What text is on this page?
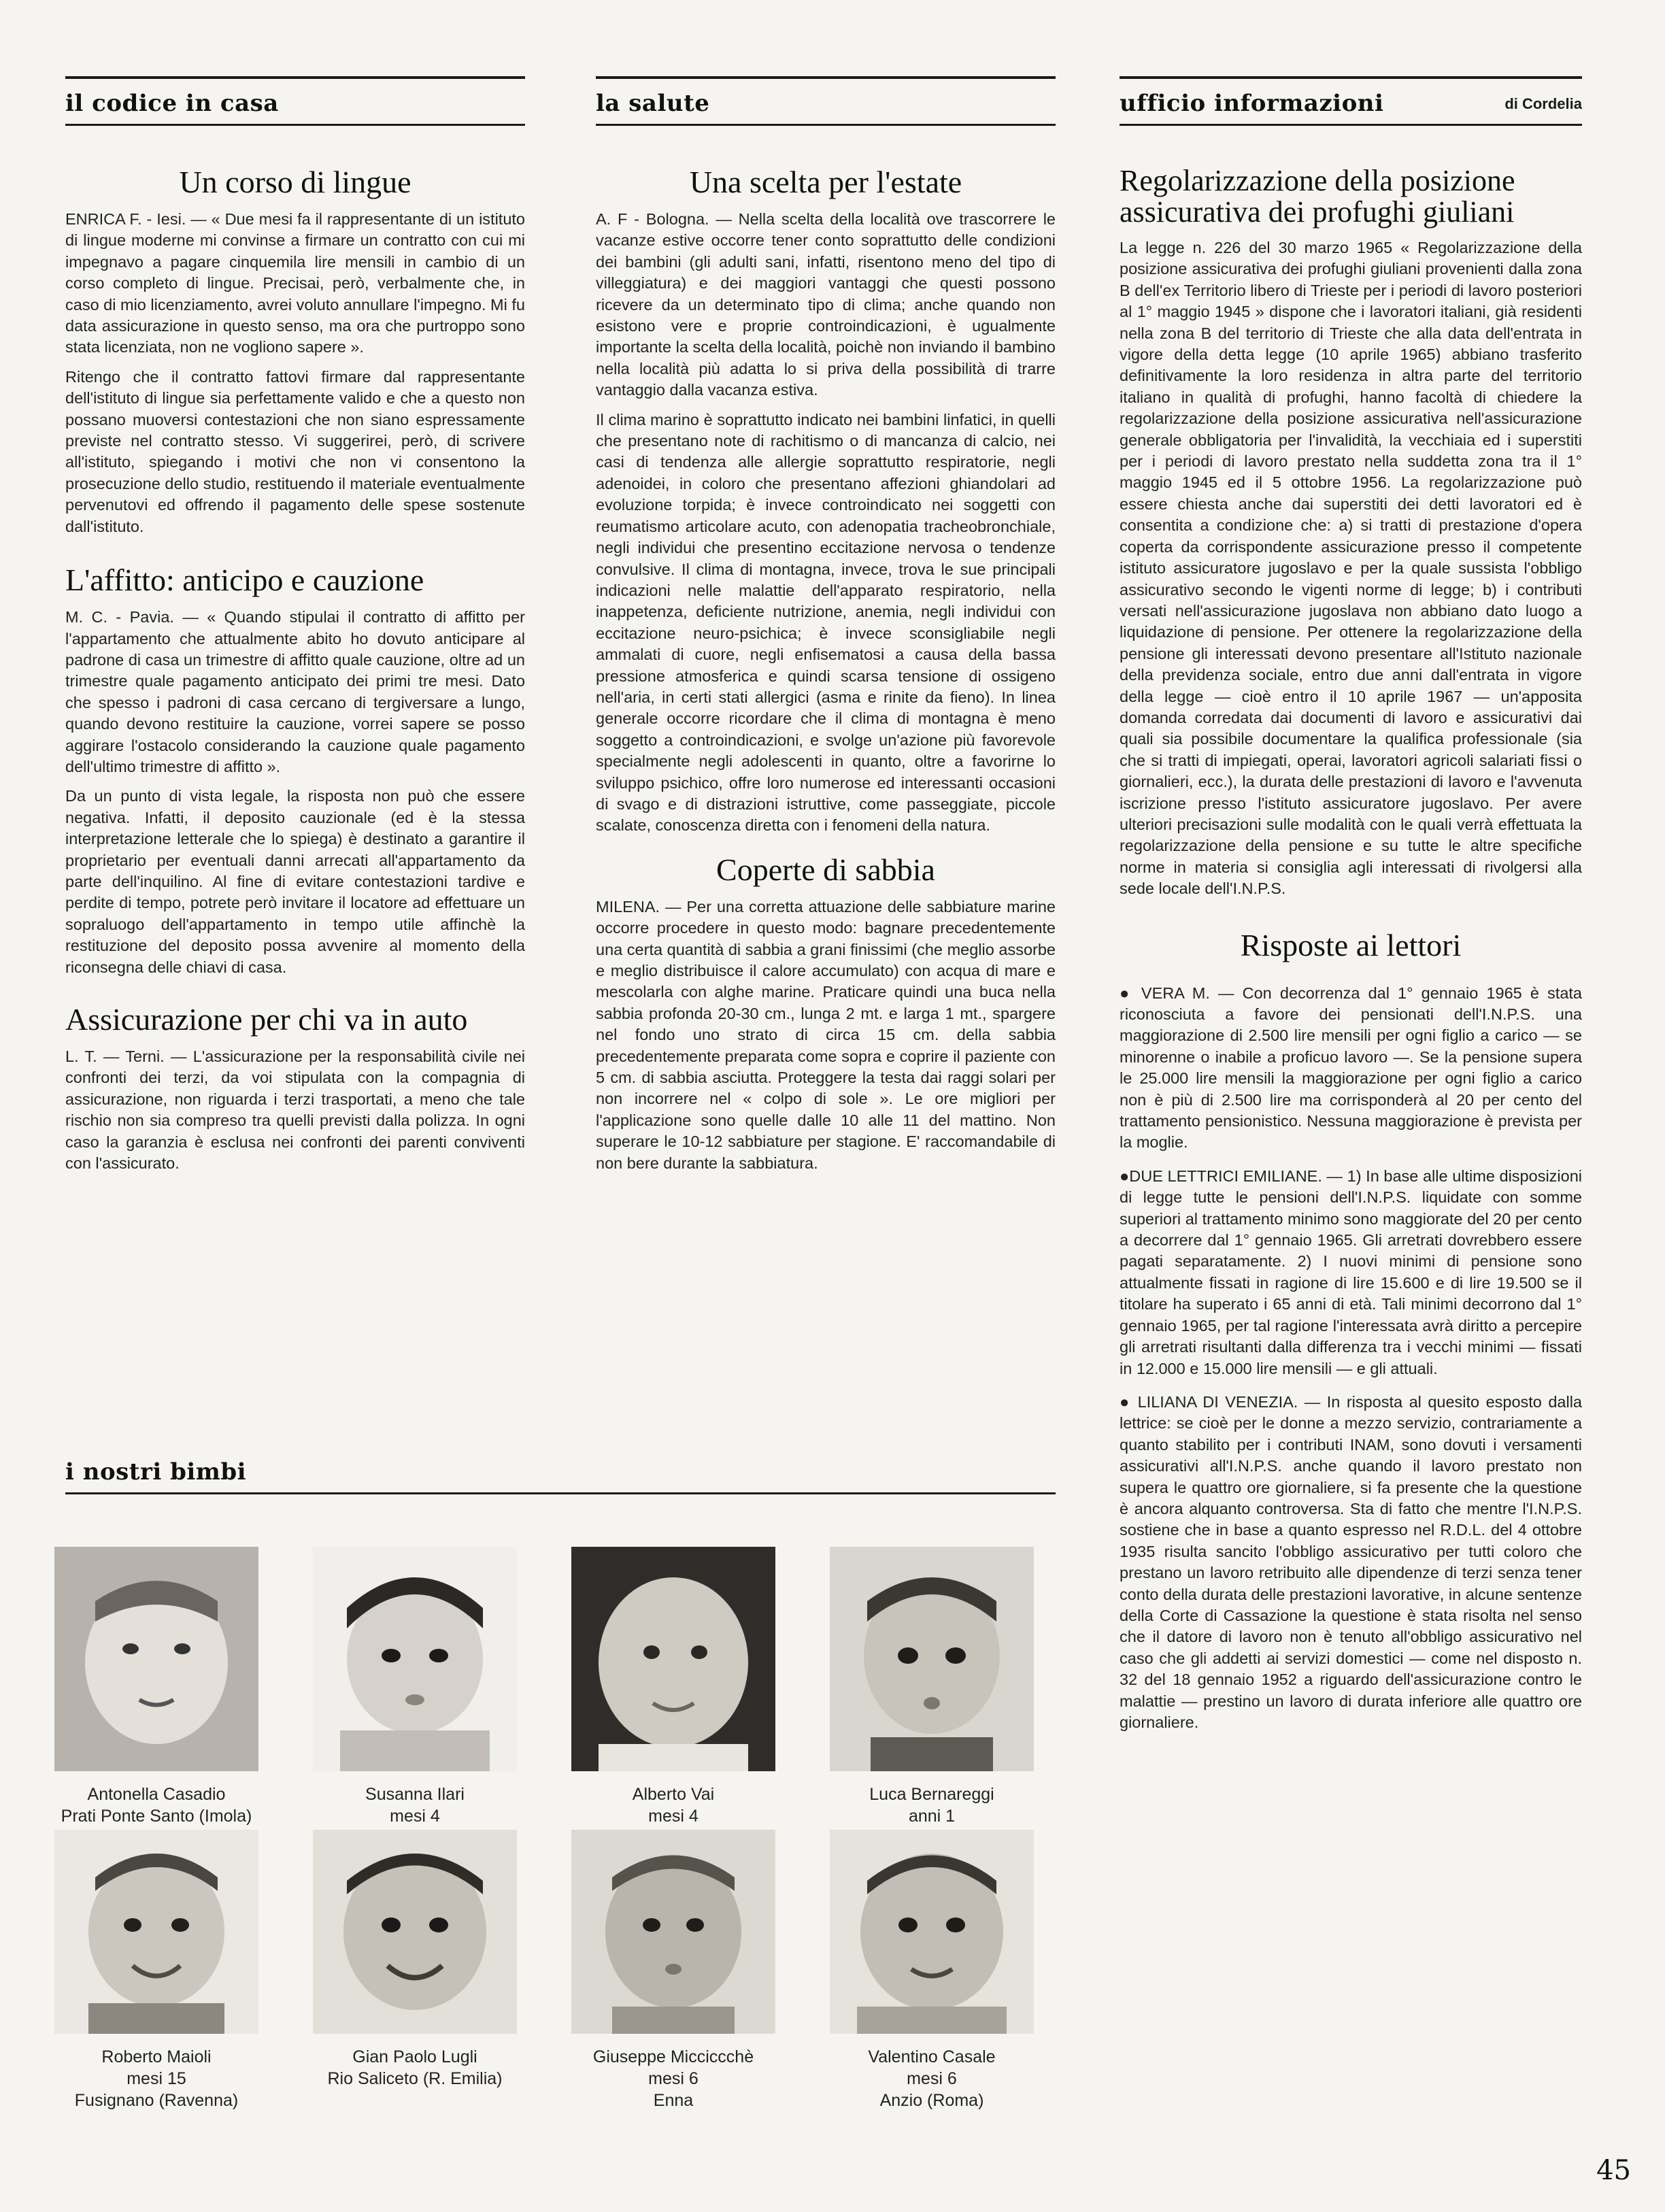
il codice in casa
Un corso di lingue

ENRICA F. - Iesi. — « Due mesi fa il rappresentante di un istituto di lingue moderne mi convinse a firmare un contratto con cui mi impegnavo a pagare cinquemila lire mensili in cambio di un corso completo di lingue. Precisai, però, verbalmente che, in caso di mio licenziamento, avrei voluto annullare l'impegno. Mi fu data assicurazione in questo senso, ma ora che purtroppo sono stata licenziata, non ne vogliono sapere ».

Ritengo che il contratto fattovi firmare dal rappresentante dell'istituto di lingue sia perfettamente valido e che a questo non possano muoversi contestazioni che non siano espressamente previste nel contratto stesso. Vi suggerirei, però, di scrivere all'istituto, spiegando i motivi che non vi consentono la prosecuzione dello studio, restituendo il materiale eventualmente pervenutovi ed offrendo il pagamento delle spese sostenute dall'istituto.

L'affitto: anticipo e cauzione

M. C. - Pavia. — « Quando stipulai il contratto di affitto per l'appartamento che attualmente abito ho dovuto anticipare al padrone di casa un trimestre di affitto quale cauzione, oltre ad un trimestre quale pagamento anticipato dei primi tre mesi. Dato che spesso i padroni di casa cercano di tergiversare a lungo, quando devono restituire la cauzione, vorrei sapere se posso aggirare l'ostacolo considerando la cauzione quale pagamento dell'ultimo trimestre di affitto ».

Da un punto di vista legale, la risposta non può che essere negativa. Infatti, il deposito cauzionale (ed è la stessa interpretazione letterale che lo spiega) è destinato a garantire il proprietario per eventuali danni arrecati all'appartamento da parte dell'inquilino. Al fine di evitare contestazioni tardive e perdite di tempo, potrete però invitare il locatore ad effettuare un sopraluogo dell'appartamento in tempo utile affinchè la restituzione del deposito possa avvenire al momento della riconsegna delle chiavi di casa.

Assicurazione per chi va in auto

L. T. — Terni. — L'assicurazione per la responsabilità civile nei confronti dei terzi, da voi stipulata con la compagnia di assicurazione, non riguarda i terzi trasportati, a meno che tale rischio non sia compreso tra quelli previsti dalla polizza. In ogni caso la garanzia è esclusa nei confronti dei parenti conviventi con l'assicurato.

la salute
Una scelta per l'estate

A. F - Bologna. — Nella scelta della località ove trascorrere le vacanze estive occorre tener conto soprattutto delle condizioni dei bambini (gli adulti sani, infatti, risentono meno del tipo di villeggiatura) e dei maggiori vantaggi che questi possono ricevere da un determinato tipo di clima; anche quando non esistono vere e proprie controindicazioni, è ugualmente importante la scelta della località, poichè non inviando il bambino nella località più adatta lo si priva della possibilità di trarre vantaggio dalla vacanza estiva.

Il clima marino è soprattutto indicato nei bambini linfatici, in quelli che presentano note di rachitismo o di mancanza di calcio, nei casi di tendenza alle allergie soprattutto respiratorie, negli adenoidei, in coloro che presentano affezioni ghiandolari ad evoluzione torpida; è invece controindicato nei soggetti con reumatismo articolare acuto, con adenopatia tracheobronchiale, negli individui che presentino eccitazione nervosa o tendenze convulsive. Il clima di montagna, invece, trova le sue principali indicazioni nelle malattie dell'apparato respiratorio, nella inappetenza, deficiente nutrizione, anemia, negli individui con eccitazione neuro-psichica; è invece sconsigliabile negli ammalati di cuore, negli enfisematosi a causa della bassa pressione atmosferica e quindi scarsa tensione di ossigeno nell'aria, in certi stati allergici (asma e rinite da fieno). In linea generale occorre ricordare che il clima di montagna è meno soggetto a controindicazioni, e svolge un'azione più favorevole specialmente negli adolescenti in quanto, oltre a favorirne lo sviluppo psichico, offre loro numerose ed interessanti occasioni di svago e di distrazioni istruttive, come passeggiate, piccole scalate, conoscenza diretta con i fenomeni della natura.

Coperte di sabbia

MILENA. — Per una corretta attuazione delle sabbiature marine occorre procedere in questo modo: bagnare precedentemente una certa quantità di sabbia a grani finissimi (che meglio assorbe e meglio distribuisce il calore accumulato) con acqua di mare e mescolarla con alghe marine. Praticare quindi una buca nella sabbia profonda 20-30 cm., lunga 2 mt. e larga 1 mt., spargere nel fondo uno strato di circa 15 cm. della sabbia precedentemente preparata come sopra e coprire il paziente con 5 cm. di sabbia asciutta. Proteggere la testa dai raggi solari per non incorrere nel « colpo di sole ». Le ore migliori per l'applicazione sono quelle dalle 10 alle 11 del mattino. Non superare le 10-12 sabbiature per stagione. E' raccomandabile di non bere durante la sabbiatura.

ufficio informazioni	di Cordelia
Regolarizzazione della posizione assicurativa dei profughi giuliani

La legge n. 226 del 30 marzo 1965 « Regolarizzazione della posizione assicurativa dei profughi giuliani provenienti dalla zona B dell'ex Territorio libero di Trieste per i periodi di lavoro posteriori al 1° maggio 1945 » dispone che i lavoratori italiani, già residenti nella zona B del territorio di Trieste che alla data dell'entrata in vigore della detta legge (10 aprile 1965) abbiano trasferito definitivamente la loro residenza in altra parte del territorio italiano in qualità di profughi, hanno facoltà di chiedere la regolarizzazione della posizione assicurativa nell'assicurazione generale obbligatoria per l'invalidità, la vecchiaia ed i superstiti per i periodi di lavoro prestato nella suddetta zona tra il 1° maggio 1945 ed il 5 ottobre 1956. La regolarizzazione può essere chiesta anche dai superstiti dei detti lavoratori ed è consentita a condizione che: a) si tratti di prestazione d'opera coperta da corrispondente assicurazione presso il competente istituto assicuratore jugoslavo e per la quale sussista l'obbligo assicurativo secondo le vigenti norme di legge; b) i contributi versati nell'assicurazione jugoslava non abbiano dato luogo a liquidazione di pensione. Per ottenere la regolarizzazione della pensione gli interessati devono presentare all'Istituto nazionale della previdenza sociale, entro due anni dall'entrata in vigore della legge — cioè entro il 10 aprile 1967 — un'apposita domanda corredata dai documenti di lavoro e assicurativi dai quali sia possibile documentare la qualifica professionale (sia che si tratti di impiegati, operai, lavoratori agricoli salariati fissi o giornalieri, ecc.), la durata delle prestazioni di lavoro e l'avvenuta iscrizione presso l'istituto assicuratore jugoslavo. Per avere ulteriori precisazioni sulle modalità con le quali verrà effettuata la regolarizzazione della pensione e su tutte le altre specifiche norme in materia si consiglia agli interessati di rivolgersi alla sede locale dell'I.N.P.S.

Risposte ai lettori

● VERA M. — Con decorrenza dal 1° gennaio 1965 è stata riconosciuta a favore dei pensionati dell'I.N.P.S. una maggiorazione di 2.500 lire mensili per ogni figlio a carico — se minorenne o inabile a proficuo lavoro —. Se la pensione supera le 25.000 lire mensili la maggiorazione per ogni figlio a carico non è più di 2.500 lire ma corrisponderà al 20 per cento del trattamento pensionistico. Nessuna maggiorazione è prevista per la moglie.

●DUE LETTRICI EMILIANE. — 1) In base alle ultime disposizioni di legge tutte le pensioni dell'I.N.P.S. liquidate con somme superiori al trattamento minimo sono maggiorate del 20 per cento a decorrere dal 1° gennaio 1965. Gli arretrati dovrebbero essere pagati separatamente. 2) I nuovi minimi di pensione sono attualmente fissati in ragione di lire 15.600 e di lire 19.500 se il titolare ha superato i 65 anni di età. Tali minimi decorrono dal 1° gennaio 1965, per tal ragione l'interessata avrà diritto a percepire gli arretrati risultanti dalla differenza tra i vecchi minimi — fissati in 12.000 e 15.000 lire mensili — e gli attuali.

● LILIANA DI VENEZIA. — In risposta al quesito esposto dalla lettrice: se cioè per le donne a mezzo servizio, contrariamente a quanto stabilito per i contributi INAM, sono dovuti i versamenti assicurativi all'I.N.P.S. anche quando il lavoro prestato non supera le quattro ore giornaliere, si fa presente che la questione è ancora alquanto controversa. Sta di fatto che mentre l'I.N.P.S. sostiene che in base a quanto espresso nel R.D.L. del 4 ottobre 1935 risulta sancito l'obbligo assicurativo per tutti coloro che prestano un lavoro retribuito alle dipendenze di terzi senza tener conto della durata delle prestazioni lavorative, in alcune sentenze della Corte di Cassazione la questione è stata risolta nel senso che il datore di lavoro non è tenuto all'obbligo assicurativo nel caso che gli addetti ai servizi domestici — come nel disposto n. 32 del 18 gennaio 1952 a riguardo dell'assicurazione contro le malattie — prestino un lavoro di durata inferiore alle quattro ore giornaliere.

i nostri bimbi
Antonella Casadio
Prati Ponte Santo (Imola)
Susanna Ilari
mesi 4
Alberto Vai
mesi 4
Luca Bernareggi
anni 1
Roberto Maioli
mesi 15
Fusignano (Ravenna)
Gian Paolo Lugli
Rio Saliceto (R. Emilia)
Giuseppe Micciccchè
mesi 6
Enna
Valentino Casale
mesi 6
Anzio (Roma)
45
